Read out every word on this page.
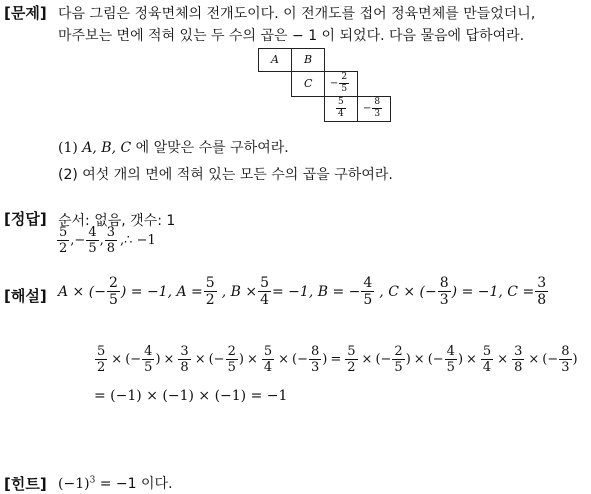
[문제] 다음 그림은 정육면체의 전개도이다. 이 전개도를 접어 정육면체를 만들었더니,
마주보는 면에 적혀 있는 두 수의 곱은 − 1 이 되었다. 다음 물음에 답하여라.
A B
$C - \frac{2}{5}$
$\frac{5}{4} - \frac{8}{3}$
(1) A, B, C 에 알맞은 수를 구하여라.
(2) 여섯 개의 면에 적혀 있는 모든 수의 곱을 구하여라.
[정답] 순서: 없음, 갯수: 1
$\frac{5}{2}$ , − $\frac{4}{5}$ , $\frac{3}{8}$ ,∴ −1
[해설] A × (− $\frac{2}{5}$ ) = −1, $A = \frac{5}{2}$ , $B \times \frac{5}{4} = -1$, B = − $\frac{4}{5}$ , C × (− $\frac{8}{3}$ ) = −1, $C = \frac{3}{8}$
$\frac{5}{2}$ × (− $\frac{4}{5}$ ) × $\frac{3}{8}$ × (− $\frac{2}{5}$ ) × $\frac{5}{4}$ × (− $\frac{8}{3}$ ) = $\frac{5}{2}$ × (− $\frac{2}{5}$ ) × (− $\frac{4}{5}$ ) × $\frac{5}{4} \times \frac{3}{8}$ × (− $\frac{8}{3}$ )
= (−1) × (−1) × (−1) = −1
[힌트] $(-1)^3 = -1$ 이다.
